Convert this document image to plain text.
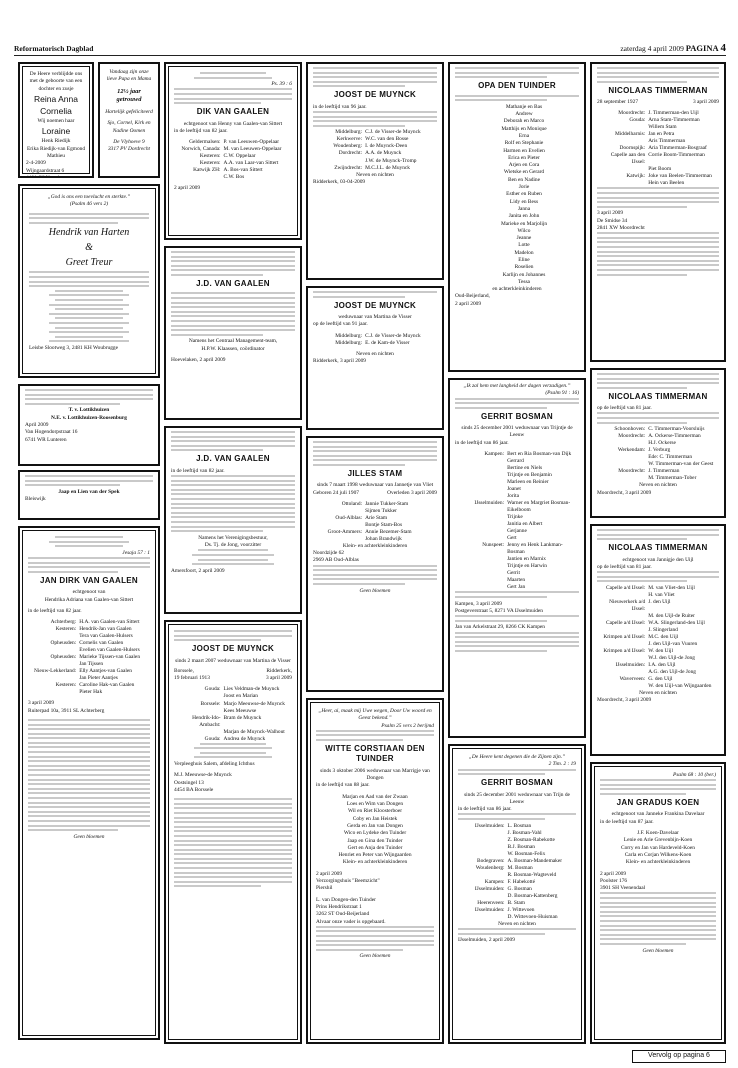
Reformatorisch Dagblad	zaterdag 4 april 2009 PAGINA 4
De Heere verblijdde ons met de geboorte van een dochter en zusje
Reina Anna
Cornelia
Wij noemen haar
Loraine
Henk Riedijk
Erika Riedijk-van Egmond
Mathieu
2-4-2009
Wijngaardstraat 6
4401 CS Yerseke
Vandaag zijn onze
lieve Papa en Mama
12½ jaar getrouwd
Hartelijk gefeliciteerd
Sjo, Cornel, Kirk en Nadine Oomen
De Vlyhoeve 9
3317 PV Dordrecht
„God is ons een toevlucht en sterkte.”
(Psalm 46 vers 2)
Hendrik van Harten
&
Greet Treur
Leisbe Slootweg 3, 2481 KH Woubrugge
T. v. Lottikhuizen
N.E. v. Lottikhuizen-Roosenburg
April 2009
Van Hogendorpstraat 16
6741 WR Lunteren
Jaap en Lien van der Spek
Bleiswijk
Jesaja 57 : 1
JAN DIRK VAN GAALEN
echtgenoot van
Hendrika Adriana van Gaalen-van Sittert
in de leeftijd van 82 jaar.
Achterberg: H.A. van Gaalen-van Sittert
Kesteren: Hendrik-Jan van Gaalen
Tera van Gaalen-Hulsers
Opheusden: Cornelis van Gaalen
Evelien van Gaalen-Hulsers
Opheusden: Marieke Tijssen-van Gaalen
Jan Tijssen
Nieuw-Lekkerland: Elly Aantjes-van Gaalen
Jan Pieter Aantjes
Kesteren: Caroline Hak-van Gaalen
Pieter Hak
3 april 2009
Ruiterpad 10a, 3911 SL Achterberg
Geen bloemen
Ps. 39 : 6
DIK VAN GAALEN
echtgenoot van Henny van Gaalen-van Sittert
in de leeftijd van 82 jaar.
Geldermalsen: P. van Leeuwen-Oppelaar
Norwich, Canada: M. van Leeuwen-Oppelaar
Kesteren: C.W. Oppelaar
Kesteren: A.A. van Laar-van Sittert
Katwijk ZH: A. Bos-van Sittert
C.W. Bos
2 april 2009
J.D. VAN GAALEN
Namens het Centraal Management-team,
H.P.W. Klaassen, coördinator
Hoevelaken, 2 april 2009
J.D. VAN GAALEN
in de leeftijd van 82 jaar.
Namens het Verenigingsbestuur,
Ds. Tj. de Jong, voorzitter
Amersfoort, 2 april 2009
JOOST DE MUYNCK
sinds 2 maart 2007 weduwnaar van Martina de Visser
Borssele,
19 februari 1913
Ridderkerk,
3 april 2009
Gouda: Lies Veldman-de Muynck
Joost en Marian
Borssele: Marjo Meeuwse-de Muynck
Kees Meeuwse
Hendrik-Ido-Ambacht:
Bram de Muynck
Marjan de Muynck-Walhout
Gouda: Andrea de Muynck
Verpleeghuis Salem, afdeling Ichthus
M.J. Meeuwse-de Muynck
Oostsingel 13
4454 BA Borssele
JOOST DE MUYNCK
in de leeftijd van 96 jaar.
Middelburg: C.J. de Visser-de Muynck
Kerkwerve: W.C. van den Bosse
Woudenberg: I. de Muynck-Deen
Dordrecht: A.A. de Muynck
J.W. de Muynck-Tromp
Zwijndrecht: M.C.J.L. de Muynck
Neven en nichten
Ridderkerk, 03-04-2009
JOOST DE MUYNCK
weduwnaar van Martina de Visser
op de leeftijd van 91 jaar.
Middelburg: C.J. de Visser-de Muynck
Middelburg: E. de Kam-de Visser
Neven en nichten
Ridderkerk, 3 april 2009
JILLES STAM
sinds 7 maart 1998 weduwnaar van Jannetje van Vliet
Geboren 24 juli 1907	Overleden 3 april 2009
Ottoland: Jannie Tukker-Stam
Sijmen Tukker
Oud-Alblas: Arie Stam
Bontje Stam-Bos
Groot-Ammers: Annie Bezemer-Stam
Johan Brandwijk
Klein- en achterkleinkinderen
Noordzijde 62
2969 AB Oud-Alblas
Geen bloemen
„Heer, ai, maak mij Uwe wegen, Door Uw woord en Geest bekend.”
Psalm 25 vers 2 berijmd
WITTE CORSTIAAN DEN TUINDER
sinds 3 oktober 2006 weduwnaar van Marrigje van Dongen
in de leeftijd van 88 jaar.
Marjan en Aad van der Zwaan
Loes en Wim van Dongen
Wil en Riet Kloosterboer
Coby en Jan Heistek
Gerda en Jan van Dongen
Wico en Lydeke den Tuinder
Jaap en Gina den Tuinder
Gert en Anja den Tuinder
Henriet en Peter van Wijngaarden
Klein- en achterkleinkinderen
2 april 2009
Verzorgingshuis "Beemzicht"
Piershil
L. van Dongen-den Tuinder
Prins Hendrikstraat 1
3262 ST Oud-Beijerland
Alvaar onze vader is opgebaard.
Geen bloemen
OPA DEN TUINDER
Mathanje en Bas
Andrew
Deborah en Marco
Matthijs en Monique
Erna
Rolf en Stephanie
Harmen en Evelien
Erica en Pieter
Arjen en Cora
Wietske en Gerard
Ben en Nadine
Jorie
Esther en Ruben
Lidy en Bess
Janna
Janita en John
Marieke en Marjolijn
Wilco
Jeanne
Lotte
Madelon
Eline
Roselien
Karlijn en Johannes
Tessa
en achterkleinkinderen
Oud-Beijerland,
2 april 2009
„Ik zal hem met langheid der dagen verzadigen.”
(Psalm 91 : 16)
GERRIT BOSMAN
sinds 25 december 2001 weduwnaar van Trijntje de Leeuw
in de leeftijd van 86 jaar.
Kampen: Bert en Ria Bosman-van Dijk
Gerrard
Bertine en Niels
Trijntje en Benjamin
Marleen en Reinier
Joanet
Jorita
IJsselmuiden: Warner en Margriet Bosman-Eikelboom
Trijnke
Janitia en Albert
Gerjanne
Gert
Nunspeet: Jenny en Henk Lankman-Bosman
Jantien en Marnix
Trijntje en Harwin
Gerrit
Maarten
Gert Jan
Kampen, 3 april 2009
Postgeverstraat 5, 8271 VA IJsselmuiden
Jan van Arkelstraat 29, 8266 CK Kampen
„De Heere kent degenen die de Zijnen zijn.”
2 Tim. 2 : 19
GERRIT BOSMAN
sinds 25 december 2001 weduwnaar van Trijn de Leeuw
in de leeftijd van 86 jaar.
IJsselmuiden: L. Bosman
J. Bosman-Vahl
Z. Bosman-Rabekotte
B.J. Bosman
W. Bosman-Felix
Bodegraven: A. Bosman-Mandemaker
Woudenberg: M. Bosman
R. Bosman-Wagteveld
Kampen: F. Habekotté
IJsselmuiden: G. Bosman
D. Bosman-Kattenberg
Heerenveen: B. Stam
IJsselmuiden: J. Wittevoen
D. Wittevoen-Huisman
Neven en nichten
IJsselmuiden, 2 april 2009
NICOLAAS TIMMERMAN
28 september 1927	3 april 2009
Moordrecht: J. Timmerman-den Uijl
Gouda: Arna Stam-Timmerman
Willem Stam
Middelharnis: Jan en Petra
Aris Timmerman
Doornspijk: Aria Timmerman-Bosgraaf
Capelle aan den IJssel:
Corrie Boom-Timmerman
Piet Boom
Katwijk: Joke van Beelen-Timmerman
Hein van Beelen
3 april 2009
De Smidse 34
2841 XW Moordrecht
NICOLAAS TIMMERMAN
op de leeftijd van 81 jaar.
Schoonhoven: C. Timmerman-Voorsluijs
Moordrecht: A. Ockerse-Timmerman
H.J. Ockerse
Werkendam: J. Verburg
Ede: C. Timmerman
W. Timmerman-van der Geest
Moordrecht: J. Timmerman
M. Timmerman-Tober
Neven en nichten
Moordrecht, 3 april 2009
NICOLAAS TIMMERMAN
echtgenoot van Jannigje den Uijl
op de leeftijd van 81 jaar.
Capelle a/d IJssel: M. van Vliet-den Uijl
H. van Vliet
Nieuwerkerk a/d IJssel:
J. den Uijl
M. den Uijl-de Ruiter
Capelle a/d IJssel: W.A. Slingerland-den Uijl
J. Slingerland
Krimpen a/d IJssel: M.C. den Uijl
J. den Uijl-van Vuuren
Krimpen a/d IJssel: W. den Uijl
W.J. den Uijl-de Jong
IJsselmuiden: I.A. den Uijl
A.G. den Uijl-de Jong
Waverveen: G. den Uijl
W. den Uijl-van Wijngaarden
Neven en nichten
Moordrecht, 3 april 2009
Psalm 68 : 10 (ber.)
JAN GRADUS KOEN
echtgenoot van Janneke Frankina Davelaar
in de leeftijd van 87 jaar.
J.F. Koen-Davelaar
Lenie en Arie Grevenbijn-Koen
Corry en Jan van Hardeveld-Koen
Carla en Corjan Wilkens-Koen
Klein- en achterkleinkinderen
2 april 2009
Poolster 176
3901 SH Veenendaal
Geen bloemen
Vervolg op pagina 6
